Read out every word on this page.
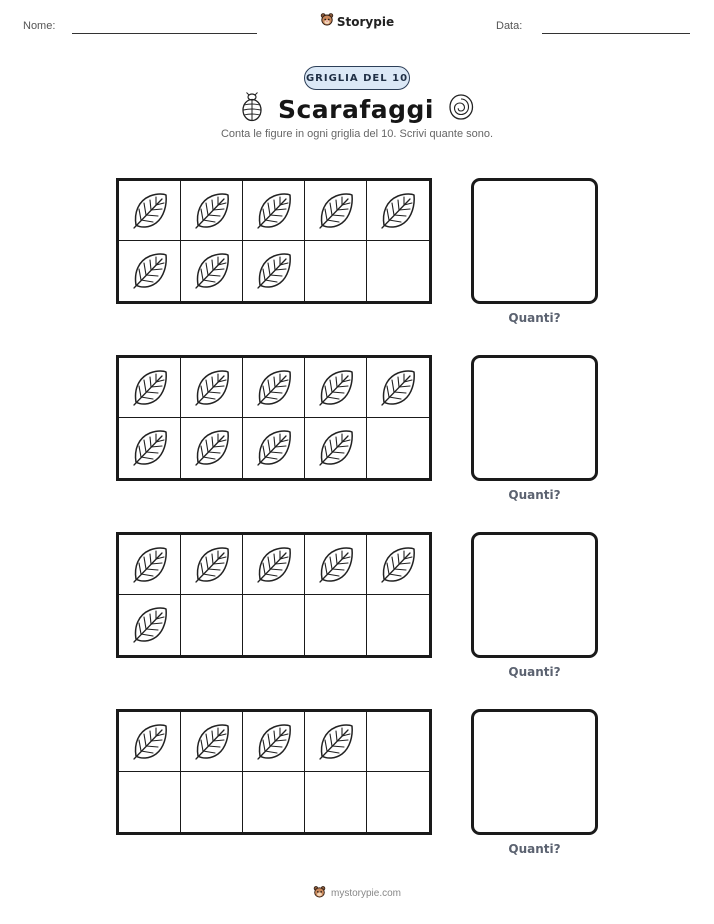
Nome:	Storypie	Data:
GRIGLIA DEL 10
Scarafaggi
Conta le figure in ogni griglia del 10. Scrivi quante sono.
Quanti?
Quanti?
Quanti?
Quanti?
mystorypie.com
